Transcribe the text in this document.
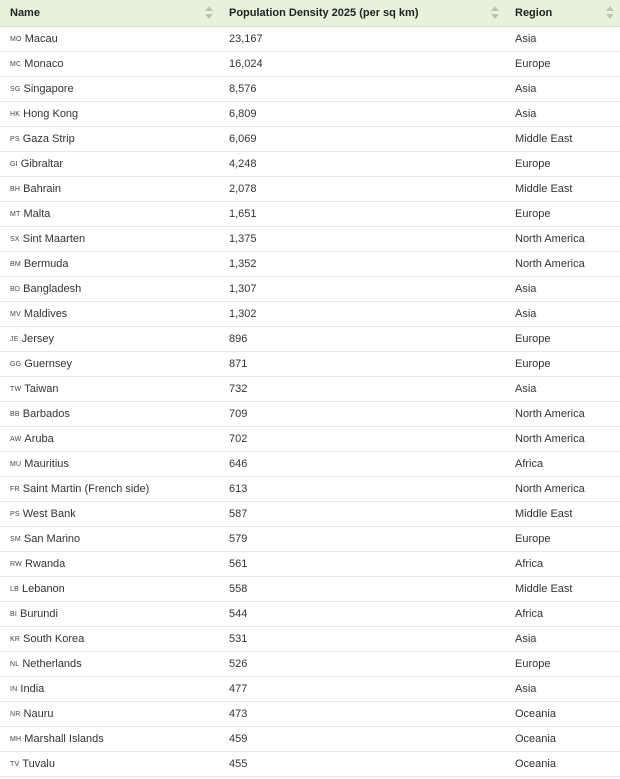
Name	Population Density 2025 (per sq km)	Region

MO Macau	23,167	Asia
MC Monaco	16,024	Europe
SG Singapore	8,576	Asia
HK Hong Kong	6,809	Asia
PS Gaza Strip	6,069	Middle East
GI Gibraltar	4,248	Europe
BH Bahrain	2,078	Middle East
MT Malta	1,651	Europe
SX Sint Maarten	1,375	North America
BM Bermuda	1,352	North America
BD Bangladesh	1,307	Asia
MV Maldives	1,302	Asia
JE Jersey	896	Europe
GG Guernsey	871	Europe
TW Taiwan	732	Asia
BB Barbados	709	North America
AW Aruba	702	North America
MU Mauritius	646	Africa
FR Saint Martin (French side)	613	North America
PS West Bank	587	Middle East
SM San Marino	579	Europe
RW Rwanda	561	Africa
LB Lebanon	558	Middle East
BI Burundi	544	Africa
KR South Korea	531	Asia
NL Netherlands	526	Europe
IN India	477	Asia
NR Nauru	473	Oceania
MH Marshall Islands	459	Oceania
TV Tuvalu	455	Oceania
